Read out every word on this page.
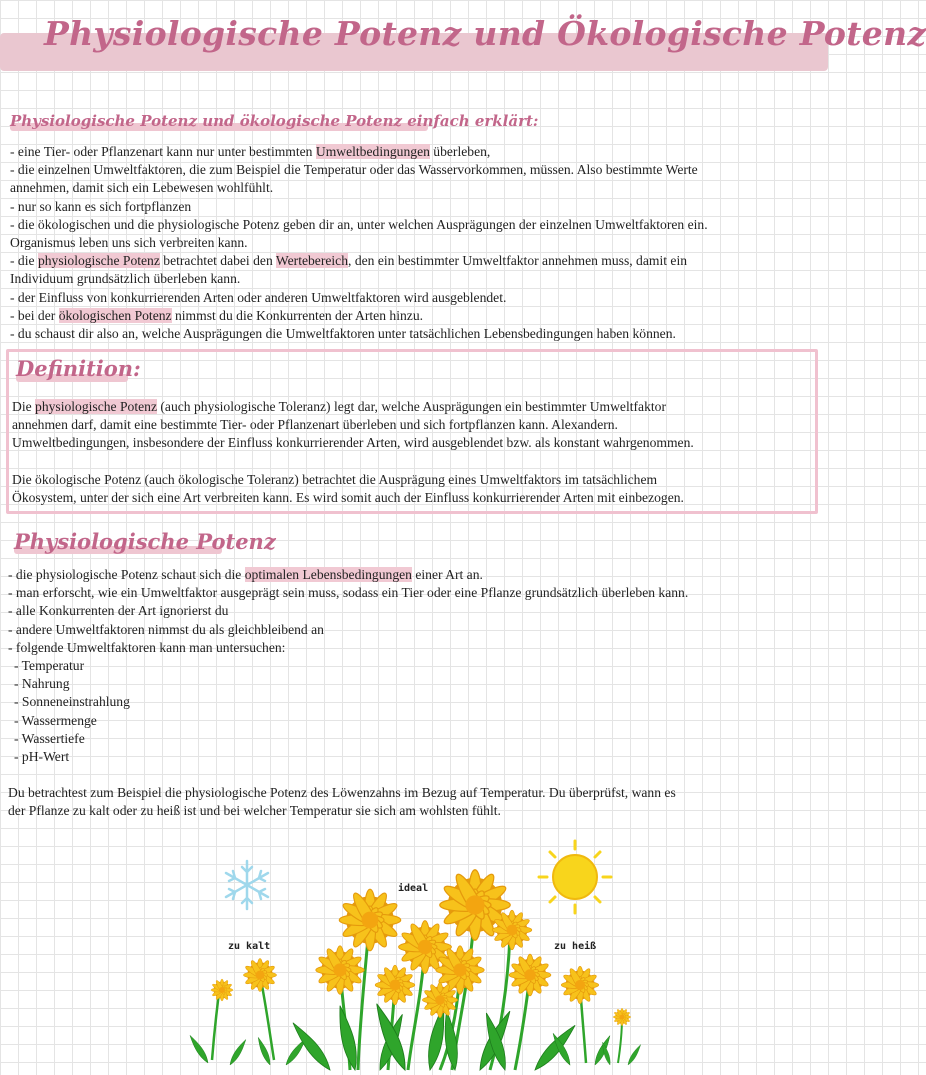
Physiologische Potenz und Ökologische Potenz
Physiologische Potenz und ökologische Potenz einfach erklärt:

- eine Tier- oder Pflanzenart kann nur unter bestimmten Umweltbedingungen überleben,

- die einzelnen Umweltfaktoren, die zum Beispiel die Temperatur oder das Wasservorkommen, müssen. Also bestimmte Werte

annehmen, damit sich ein Lebewesen wohlfühlt.

- nur so kann es sich fortpflanzen

- die ökologischen und die physiologische Potenz geben dir an, unter welchen Ausprägungen der einzelnen Umweltfaktoren ein.

Organismus leben uns sich verbreiten kann.

- die physiologische Potenz betrachtet dabei den Wertebereich, den ein bestimmter Umweltfaktor annehmen muss, damit ein

Individuum grundsätzlich überleben kann.

- der Einfluss von konkurrierenden Arten oder anderen Umweltfaktoren wird ausgeblendet.

- bei der ökologischen Potenz nimmst du die Konkurrenten der Arten hinzu.

- du schaust dir also an, welche Ausprägungen die Umweltfaktoren unter tatsächlichen Lebensbedingungen haben können.

Definition:

Die physiologische Potenz (auch physiologische Toleranz) legt dar, welche Ausprägungen ein bestimmter Umweltfaktor

annehmen darf, damit eine bestimmte Tier- oder Pflanzenart überleben und sich fortpflanzen kann. Alexandern.

Umweltbedingungen, insbesondere der Einfluss konkurrierender Arten, wird ausgeblendet bzw. als konstant wahrgenommen.

Die ökologische Potenz (auch ökologische Toleranz) betrachtet die Ausprägung eines Umweltfaktors im tatsächlichem

Ökosystem, unter der sich eine Art verbreiten kann. Es wird somit auch der Einfluss konkurrierender Arten mit einbezogen.

Physiologische Potenz

- die physiologische Potenz schaut sich die optimalen Lebensbedingungen einer Art an.

- man erforscht, wie ein Umweltfaktor ausgeprägt sein muss, sodass ein Tier oder eine Pflanze grundsätzlich überleben kann.

- alle Konkurrenten der Art ignorierst du

- andere Umweltfaktoren nimmst du als gleichbleibend an

- folgende Umweltfaktoren kann man untersuchen:

- Temperatur

- Nahrung

- Sonneneinstrahlung

- Wassermenge

- Wassertiefe

- pH-Wert

Du betrachtest zum Beispiel die physiologische Potenz des Löwenzahns im Bezug auf Temperatur. Du überprüfst, wann es

der Pflanze zu kalt oder zu heiß ist und bei welcher Temperatur sie sich am wohlsten fühlt.

zu kalt
ideal
zu heiß
